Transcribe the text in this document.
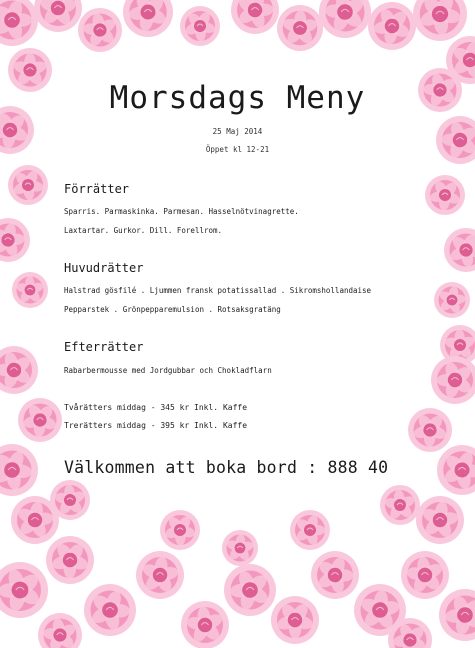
Morsdags Meny
25 Maj 2014
Öppet kl 12-21
Förrätter
Sparris. Parmaskinka. Parmesan. Hasselnötvinagrette.
Laxtartar. Gurkor. Dill. Forellrom.
Huvudrätter
Halstrad gösfilé . Ljummen fransk potatissallad . Sikromshollandaise
Pepparstek . Grönpeppar​emulsion . Rotsaksgratäng
Efterrätter
Rabarbermousse med Jordgubbar och Chokladflarn
Tvårätters middag - 345 kr Inkl. Kaffe
Trerätters middag - 395 kr Inkl. Kaffe
Välkommen att boka bord : 888 40
